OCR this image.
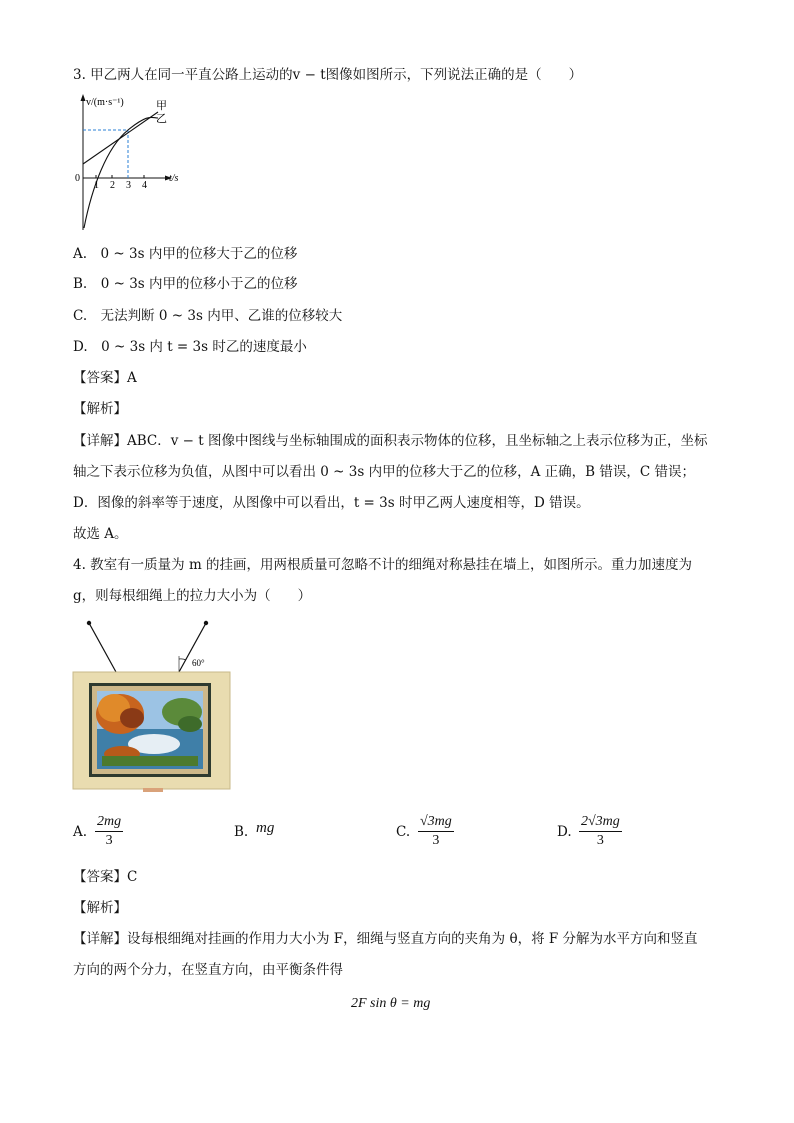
3. 甲乙两人在同一平直公路上运动的v − t图像如图所示，下列说法正确的是（　　）
v/(m·s⁻¹)
t/s
0
1 2 3 4
甲
乙
A.　0 ~ 3s 内甲的位移大于乙的位移
B.　0 ~ 3s 内甲的位移小于乙的位移
C.　无法判断 0 ~ 3s 内甲、乙谁的位移较大
D.　0 ~ 3s 内 t = 3s 时乙的速度最小
【答案】A
【解析】
【详解】ABC．v − t 图像中图线与坐标轴围成的面积表示物体的位移，且坐标轴之上表示位移为正，坐标
轴之下表示位移为负值，从图中可以看出 0 ~ 3s 内甲的位移大于乙的位移，A 正确，B 错误，C 错误；
D．图像的斜率等于速度，从图像中可以看出，t = 3s 时甲乙两人速度相等，D 错误。
故选 A。
4. 教室有一质量为 m 的挂画，用两根质量可忽略不计的细绳对称悬挂在墙上，如图所示。重力加速度为
g，则每根细绳上的拉力大小为（　　）
60°
A. $\frac{2mg}{3}$	B. mg	C. $\frac{√3mg}{3}$	D. $\frac{2√3mg}{3}$
【答案】C
【解析】
【详解】设每根细绳对挂画的作用力大小为 F，细绳与竖直方向的夹角为 θ，将 F 分解为水平方向和竖直
方向的两个分力，在竖直方向，由平衡条件得
2F sin θ = mg
